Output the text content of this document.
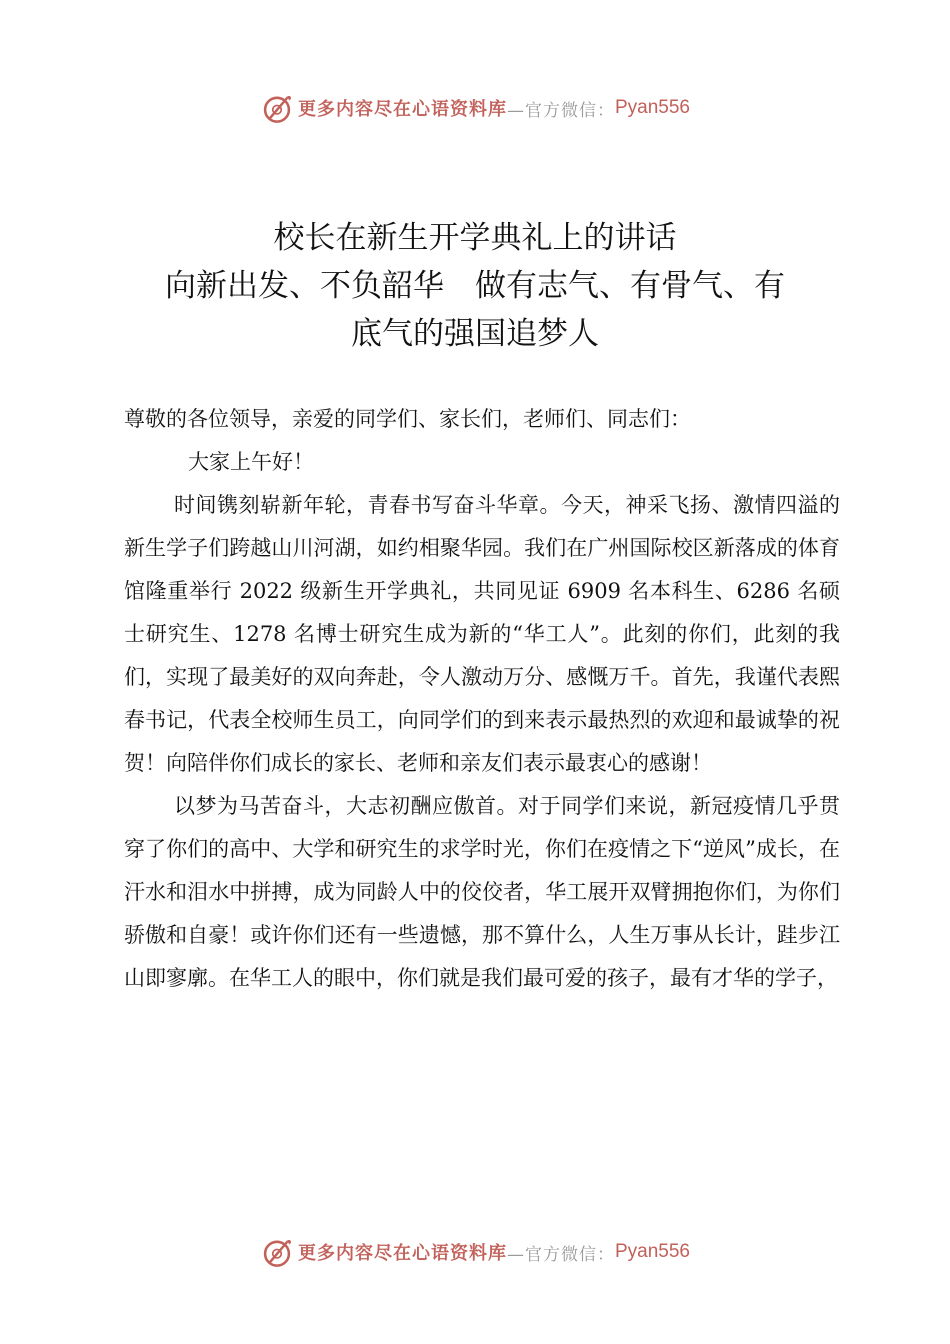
更多内容尽在心语资料库 —官方微信： Pyan556
校长在新生开学典礼上的讲话
向新出发、不负韶华　做有志气、有骨气、有
底气的强国追梦人

尊敬的各位领导，亲爱的同学们、家长们，老师们、同志们：

大家上午好！

时间镌刻崭新年轮，青春书写奋斗华章。今天，神采飞扬、激情四溢的新生学子们跨越山川河湖，如约相聚华园。我们在广州国际校区新落成的体育馆隆重举行 2022 级新生开学典礼，共同见证 6909 名本科生、6286 名硕士研究生、1278 名博士研究生成为新的“华工人”。此刻的你们，此刻的我们，实现了最美好的双向奔赴，令人激动万分、感慨万千。首先，我谨代表熙春书记，代表全校师生员工，向同学们的到来表示最热烈的欢迎和最诚挚的祝贺！向陪伴你们成长的家长、老师和亲友们表示最衷心的感谢！

以梦为马苦奋斗，大志初酬应傲首。对于同学们来说，新冠疫情几乎贯穿了你们的高中、大学和研究生的求学时光，你们在疫情之下“逆风”成长，在汗水和泪水中拼搏，成为同龄人中的佼佼者，华工展开双臂拥抱你们，为你们骄傲和自豪！或许你们还有一些遗憾，那不算什么，人生万事从长计，跬步江山即寥廓。在华工人的眼中，你们就是我们最可爱的孩子，最有才华的学子，

更多内容尽在心语资料库 —官方微信： Pyan556
